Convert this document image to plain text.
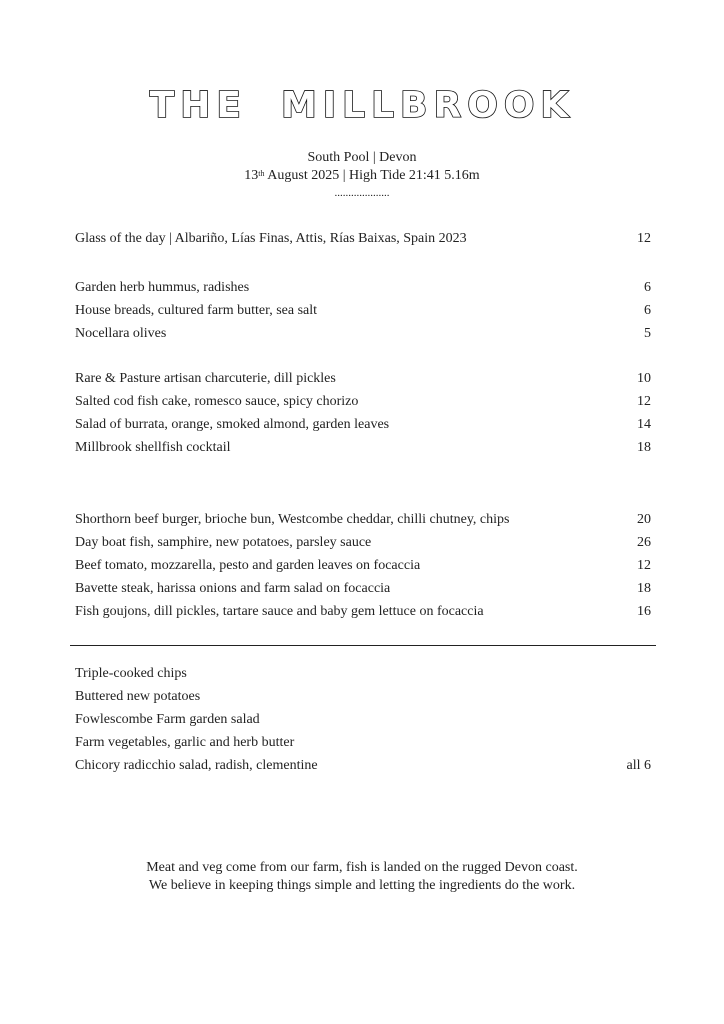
THE MILLBROOK
South Pool | Devon
13th August 2025 | High Tide 21:41 5.16m
....................
Glass of the day | Albariño, Lías Finas, Attis, Rías Baixas, Spain 2023	12
Garden herb hummus, radishes	6
House breads, cultured farm butter, sea salt	6
Nocellara olives	5
Rare & Pasture artisan charcuterie, dill pickles	10
Salted cod fish cake, romesco sauce, spicy chorizo	12
Salad of burrata, orange, smoked almond, garden leaves	14
Millbrook shellfish cocktail	18
Shorthorn beef burger, brioche bun, Westcombe cheddar, chilli chutney, chips	20
Day boat fish, samphire, new potatoes, parsley sauce	26
Beef tomato, mozzarella, pesto and garden leaves on focaccia	12
Bavette steak, harissa onions and farm salad on focaccia	18
Fish goujons, dill pickles, tartare sauce and baby gem lettuce on focaccia	16
Triple-cooked chips
Buttered new potatoes
Fowlescombe Farm garden salad
Farm vegetables, garlic and herb butter
Chicory radicchio salad, radish, clementine	all 6
Meat and veg come from our farm, fish is landed on the rugged Devon coast.
We believe in keeping things simple and letting the ingredients do the work.
